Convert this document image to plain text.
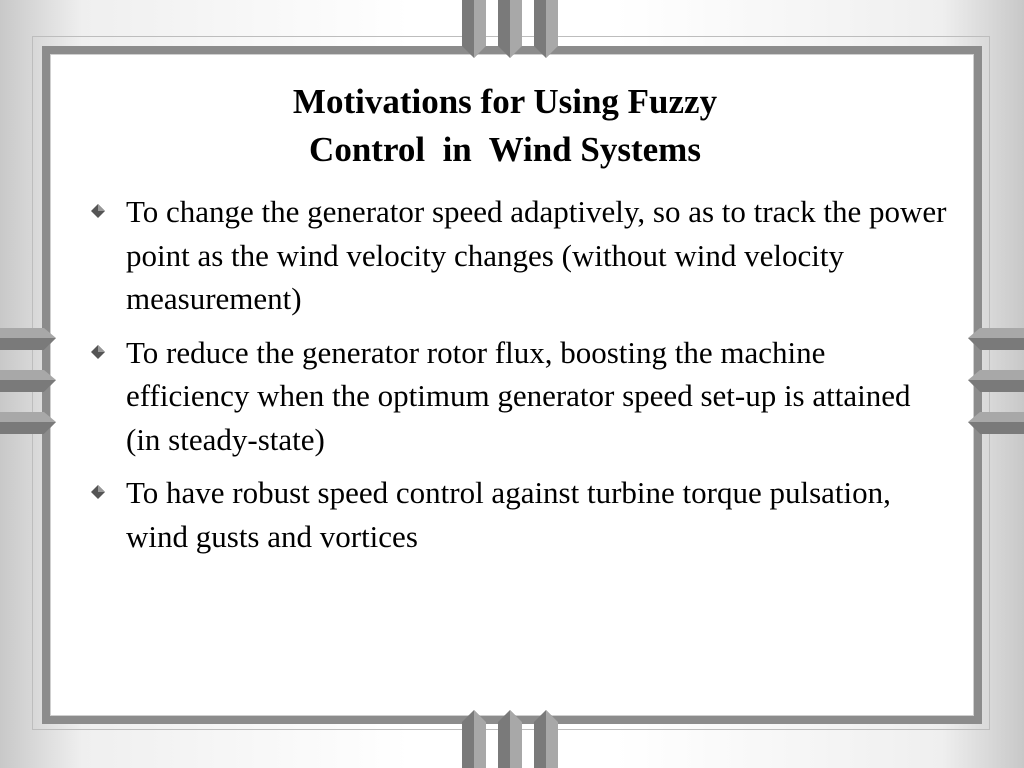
Motivations for Using Fuzzy
Control  in  Wind Systems
To change the generator speed adaptively, so as to track the power point as the wind velocity changes (without wind velocity measurement)
To reduce the generator rotor flux, boosting the machine efficiency when the optimum generator speed set-up is attained (in steady-state)
To have robust speed control against turbine torque pulsation, wind gusts and vortices
